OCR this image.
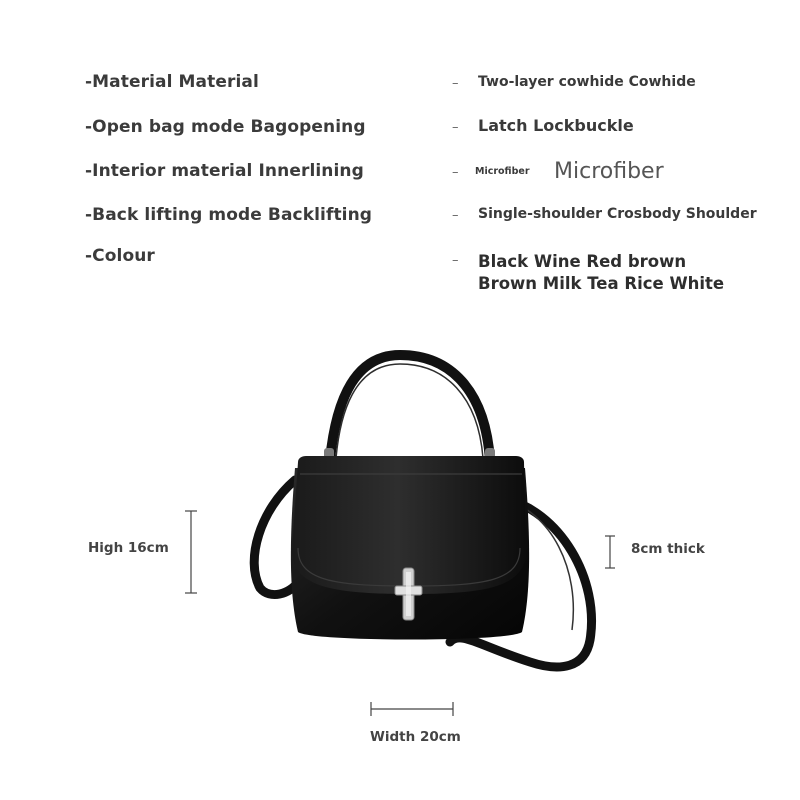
-Material Material
-Open bag mode Bagopening
-Interior material Innerlining
-Back lifting mode Backlifting
-Colour
–
–
–
–
–
Two-layer cowhide Cowhide
Latch Lockbuckle
Microfiber Microfiber
Single-shoulder Crosbody Shoulder
Black Wine Red brown
Brown Milk Tea Rice White
High 16cm	8cm thick
Width 20cm
